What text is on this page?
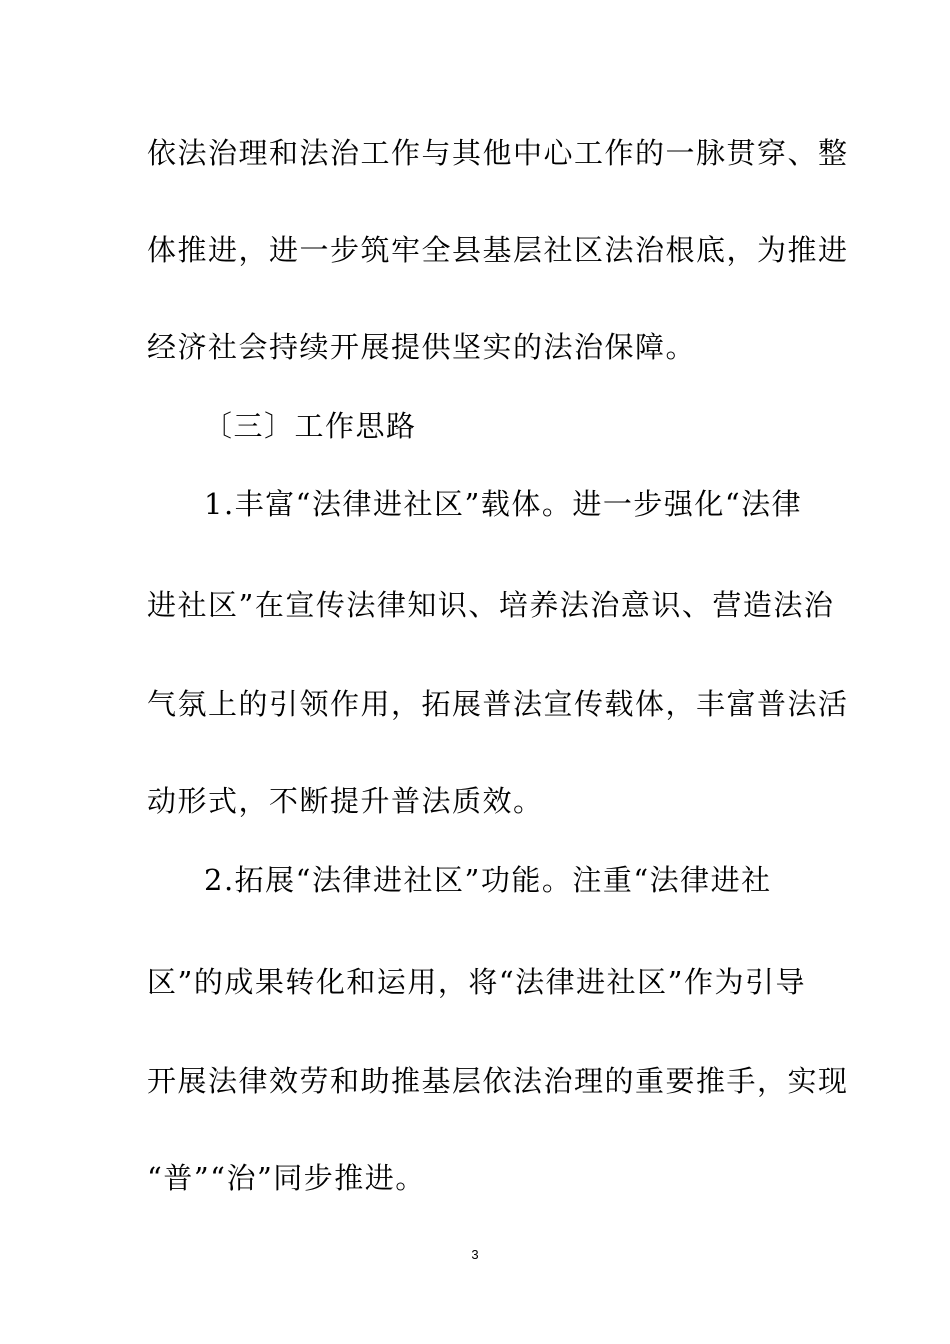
依法治理和法治工作与其他中心工作的一脉贯穿、整
体推进，进一步筑牢全县基层社区法治根底，为推进
经济社会持续开展提供坚实的法治保障。
〔三〕工作思路
1.丰富“法律进社区”载体。进一步强化“法律
进社区”在宣传法律知识、培养法治意识、营造法治
气氛上的引领作用，拓展普法宣传载体，丰富普法活
动形式，不断提升普法质效。
2.拓展“法律进社区”功能。注重“法律进社
区”的成果转化和运用，将“法律进社区”作为引导
开展法律效劳和助推基层依法治理的重要推手，实现
“普”“治”同步推进。
3
